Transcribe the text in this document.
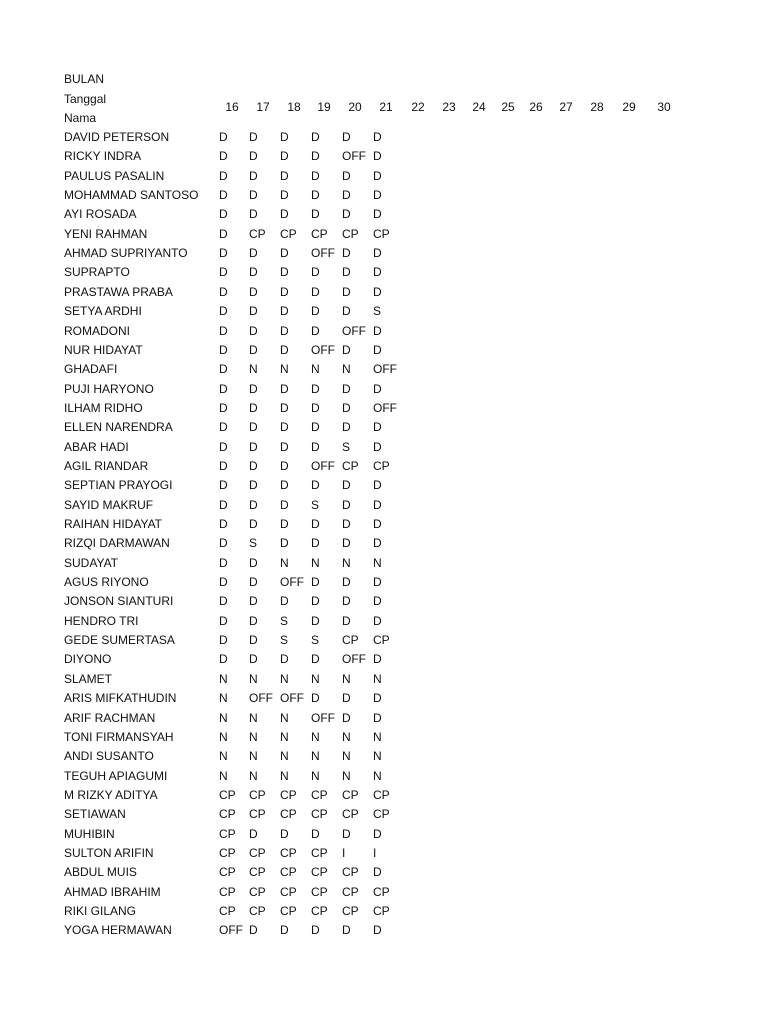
BULAN
Tanggal
Nama
16	17	18	19	20	21	22	23	24	25	26	27	28	29	30
DAVID PETERSON	D D D D D D
RICKY INDRA	D D D D OFF D
PAULUS PASALIN	D D D D D D
MOHAMMAD SANTOSO D D D D D D
AYI ROSADA	D D D D D D
YENI RAHMAN	D CP CP CP CP CP
AHMAD SUPRIYANTO	D D D OFF D D
SUPRAPTO	D D D D D D
PRASTAWA PRABA	D D D D D D
SETYA ARDHI	D D D D D S
ROMADONI	D D D D OFF D
NUR HIDAYAT	D D D OFF D D
GHADAFI	D N N N N OFF
PUJI HARYONO	D D D D D D
ILHAM RIDHO	D D D D D OFF
ELLEN NARENDRA	D D D D D D
ABAR HADI	D D D D S D
AGIL RIANDAR	D D D OFF CP CP
SEPTIAN PRAYOGI	D D D D D D
SAYID MAKRUF	D D D S D D
RAIHAN HIDAYAT	D D D D D D
RIZQI DARMAWAN	D S D D D D
SUDAYAT	D D N N N N
AGUS RIYONO	D D OFF D D D
JONSON SIANTURI	D D D D D D
HENDRO TRI	D D S D D D
GEDE SUMERTASA	D D S S CP CP
DIYONO	D D D D OFF D
SLAMET	N N N N N N
ARIS MIFKATHUDIN	N OFF OFF D D D
ARIF RACHMAN	N N N OFF D D
TONI FIRMANSYAH	N N N N N N
ANDI SUSANTO	N N N N N N
TEGUH APIAGUMI	N N N N N N
M RIZKY ADITYA	CP CP CP CP CP CP
SETIAWAN	CP CP CP CP CP CP
MUHIBIN	CP D D D D D
SULTON ARIFIN	CP CP CP CP I I
ABDUL MUIS	CP CP CP CP CP D
AHMAD IBRAHIM	CP CP CP CP CP CP
RIKI GILANG	CP CP CP CP CP CP
YOGA HERMAWAN	OFF D D D D D
